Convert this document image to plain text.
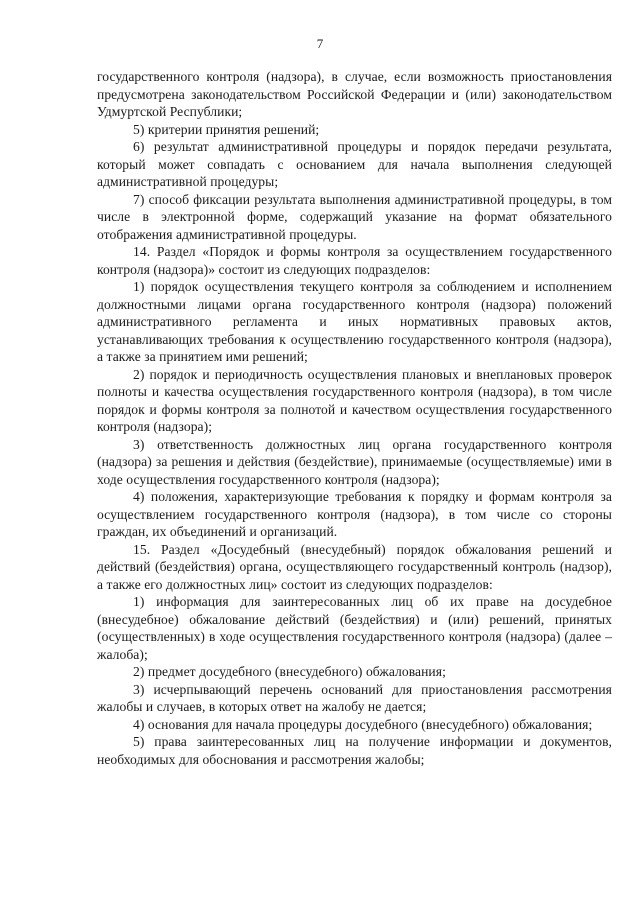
7

государственного контроля (надзора), в случае, если возможность приостановления предусмотрена законодательством Российской Федерации и (или) законодательством Удмуртской Республики;

5) критерии принятия решений;

6) результат административной процедуры и порядок передачи результата, который может совпадать с основанием для начала выполнения следующей административной процедуры;

7) способ фиксации результата выполнения административной процедуры, в том числе в электронной форме, содержащий указание на формат обязательного отображения административной процедуры.

14. Раздел «Порядок и формы контроля за осуществлением государственного контроля (надзора)» состоит из следующих подразделов:

1) порядок осуществления текущего контроля за соблюдением и исполнением должностными лицами органа государственного контроля (надзора) положений административного регламента и иных нормативных правовых актов, устанавливающих требования к осуществлению государственного контроля (надзора), а также за принятием ими решений;

2) порядок и периодичность осуществления плановых и внеплановых проверок полноты и качества осуществления государственного контроля (надзора), в том числе порядок и формы контроля за полнотой и качеством осуществления государственного контроля (надзора);

3) ответственность должностных лиц органа государственного контроля (надзора) за решения и действия (бездействие), принимаемые (осуществляемые) ими в ходе осуществления государственного контроля (надзора);

4) положения, характеризующие требования к порядку и формам контроля за осуществлением государственного контроля (надзора), в том числе со стороны граждан, их объединений и организаций.

15. Раздел «Досудебный (внесудебный) порядок обжалования решений и действий (бездействия) органа, осуществляющего государственный контроль (надзор), а также его должностных лиц» состоит из следующих подразделов:

1) информация для заинтересованных лиц об их праве на досудебное (внесудебное) обжалование действий (бездействия) и (или) решений, принятых (осуществленных) в ходе осуществления государственного контроля (надзора) (далее – жалоба);

2) предмет досудебного (внесудебного) обжалования;

3) исчерпывающий перечень оснований для приостановления рассмотрения жалобы и случаев, в которых ответ на жалобу не дается;

4) основания для начала процедуры досудебного (внесудебного) обжалования;

5) права заинтересованных лиц на получение информации и документов, необходимых для обоснования и рассмотрения жалобы;
